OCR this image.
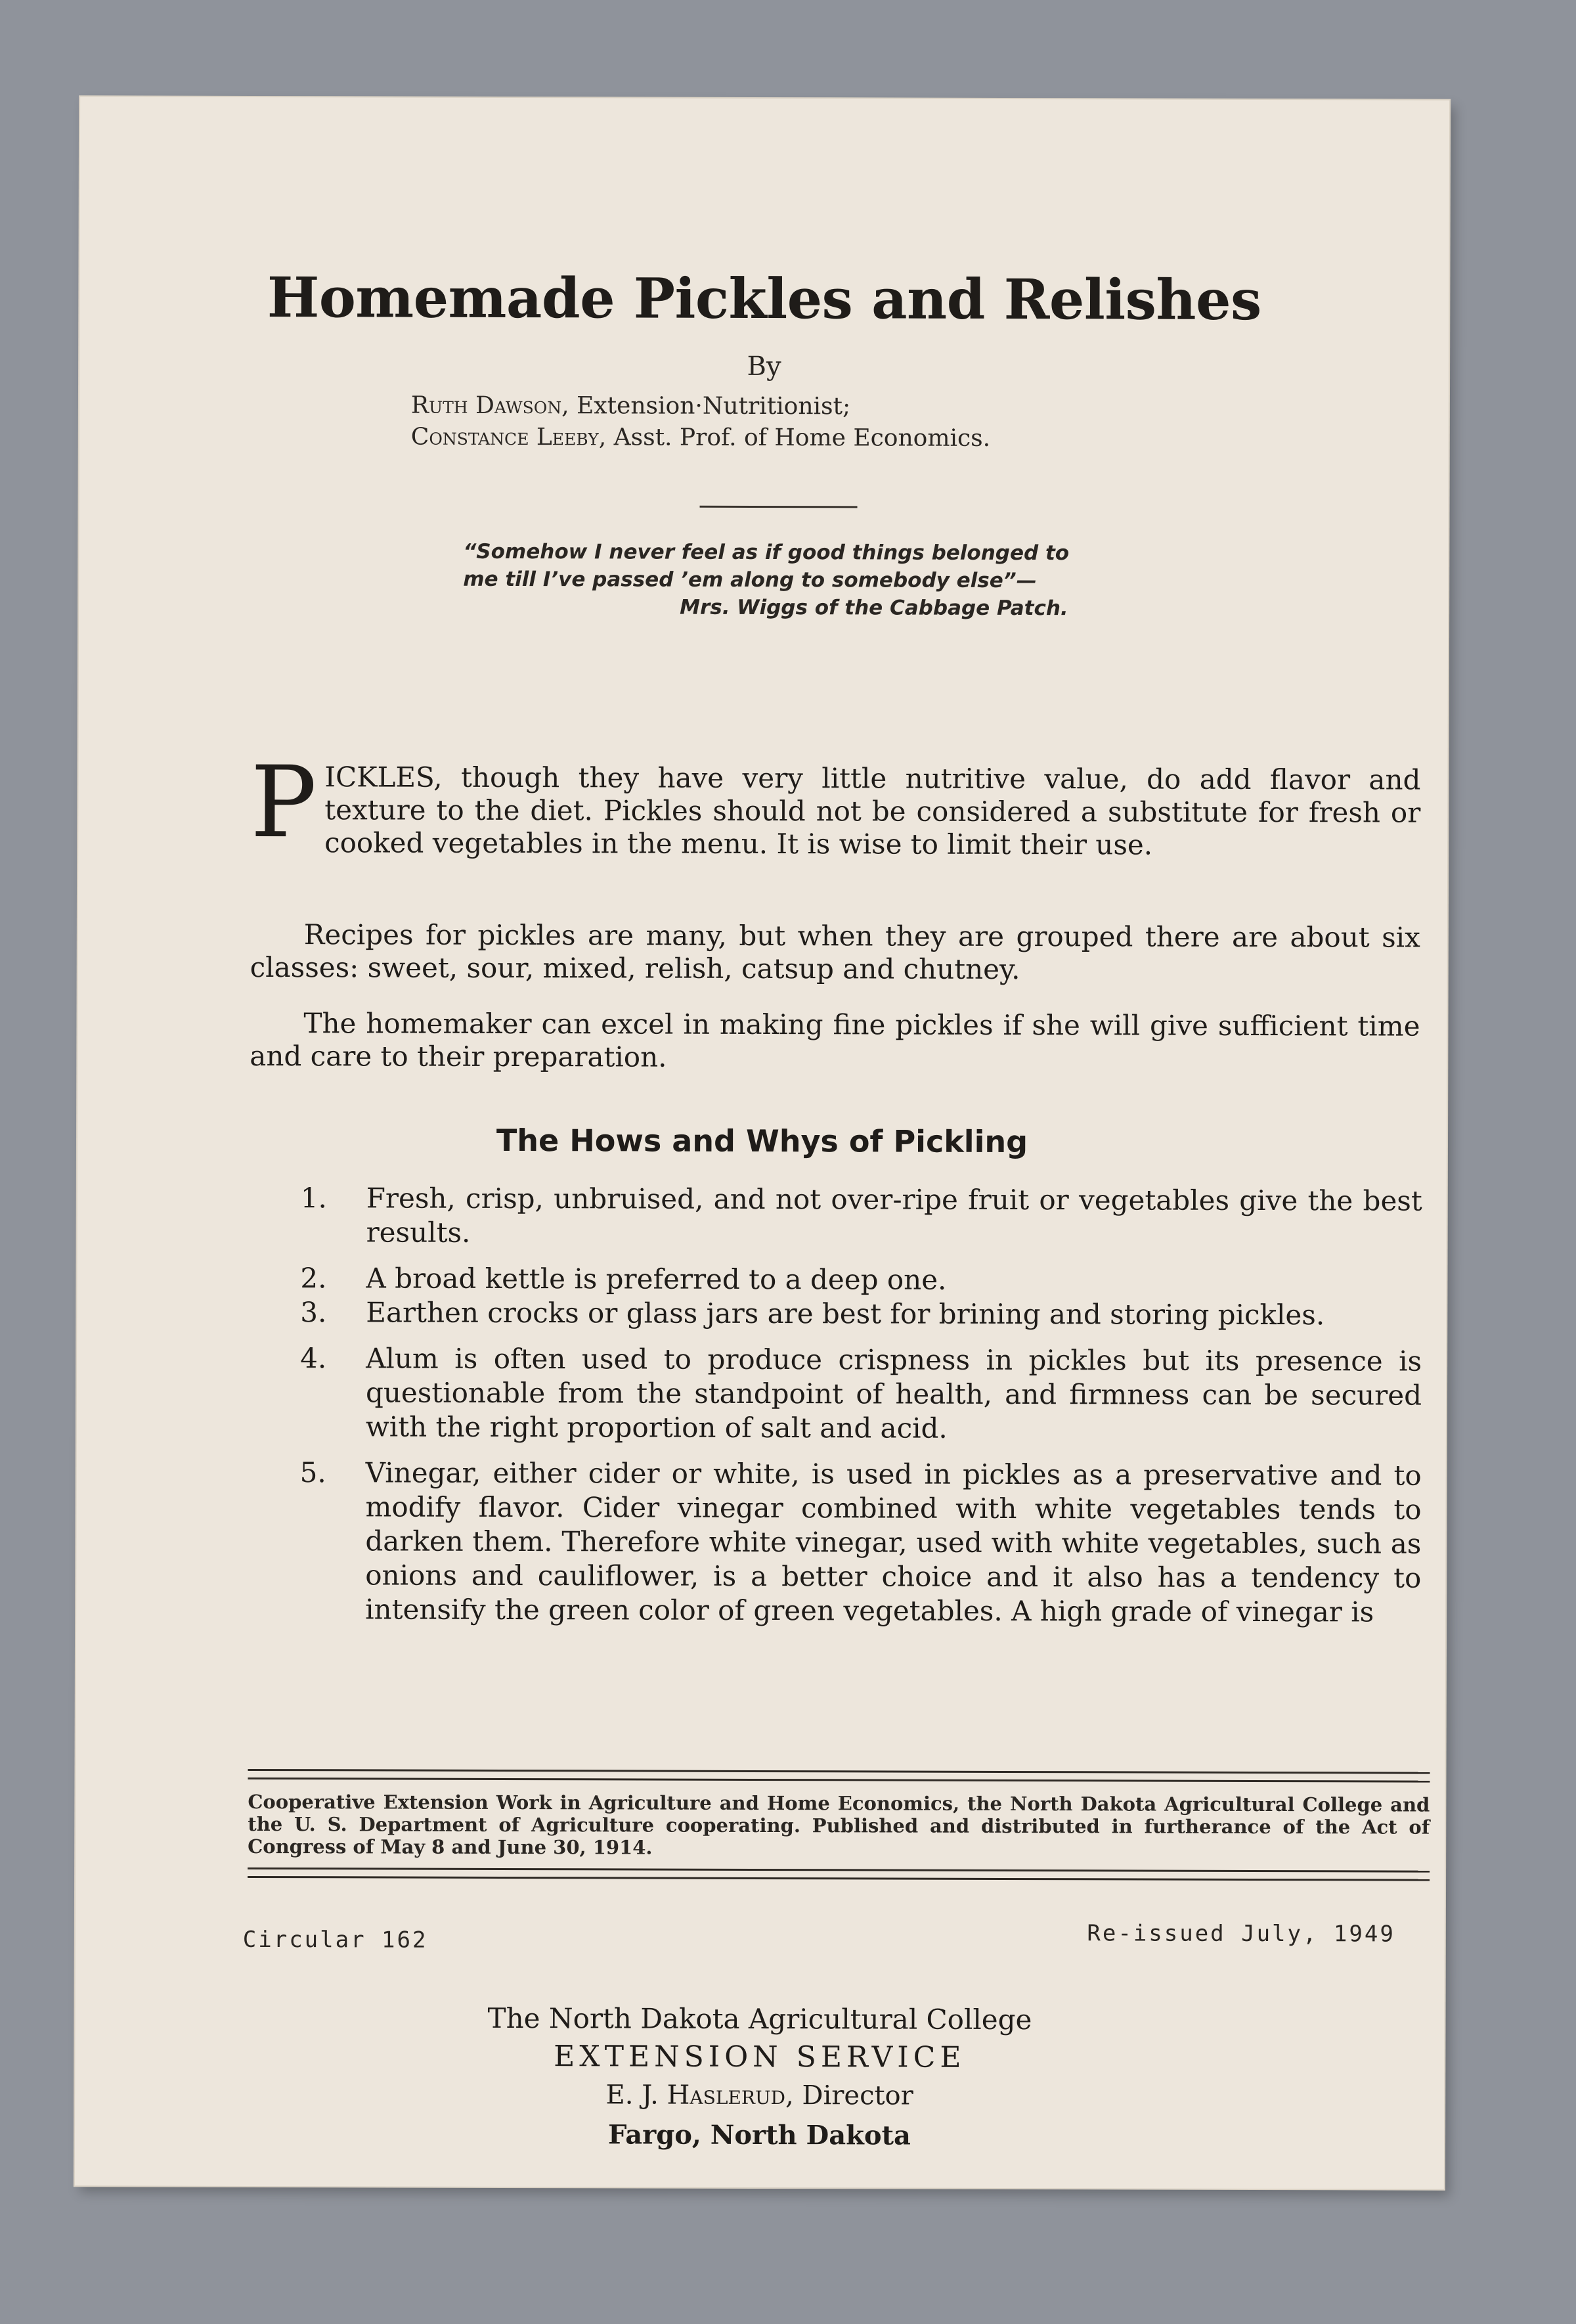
Homemade Pickles and Relishes
By
Ruth Dawson, Extension·Nutritionist;
Constance Leeby, Asst. Prof. of Home Economics.
“Somehow I never feel as if good things belonged to
me till I’ve passed ’em along to somebody else”—
Mrs. Wiggs of the Cabbage Patch.
PICKLES, though they have very little nutritive value, do add flavor and texture to the diet. Pickles should not be considered a substitute for fresh or cooked vegetables in the menu. It is wise to limit their use.
Recipes for pickles are many, but when they are grouped there are about six classes: sweet, sour, mixed, relish, catsup and chutney.
The homemaker can excel in making fine pickles if she will give sufficient time and care to their preparation.
The Hows and Whys of Pickling
1.	Fresh, crisp, unbruised, and not over-ripe fruit or vegetables give the best results.
2.	A broad kettle is preferred to a deep one.
3.	Earthen crocks or glass jars are best for brining and storing pickles.
4.	Alum is often used to produce crispness in pickles but its presence is questionable from the standpoint of health, and firmness can be secured with the right proportion of salt and acid.
5.	Vinegar, either cider or white, is used in pickles as a preservative and to modify flavor. Cider vinegar combined with white vegetables tends to darken them. Therefore white vinegar, used with white vegetables, such as onions and cauliflower, is a better choice and it also has a tendency to intensify the green color of green vegetables. A high grade of vinegar is
Cooperative Extension Work in Agriculture and Home Economics, the North Dakota Agricultural College and the U. S. Department of Agriculture cooperating. Published and distributed in furtherance of the Act of Congress of May 8 and June 30, 1914.
Circular 162	Re-issued July, 1949
The North Dakota Agricultural College
EXTENSION SERVICE
E. J. Haslerud, Director
Fargo, North Dakota
